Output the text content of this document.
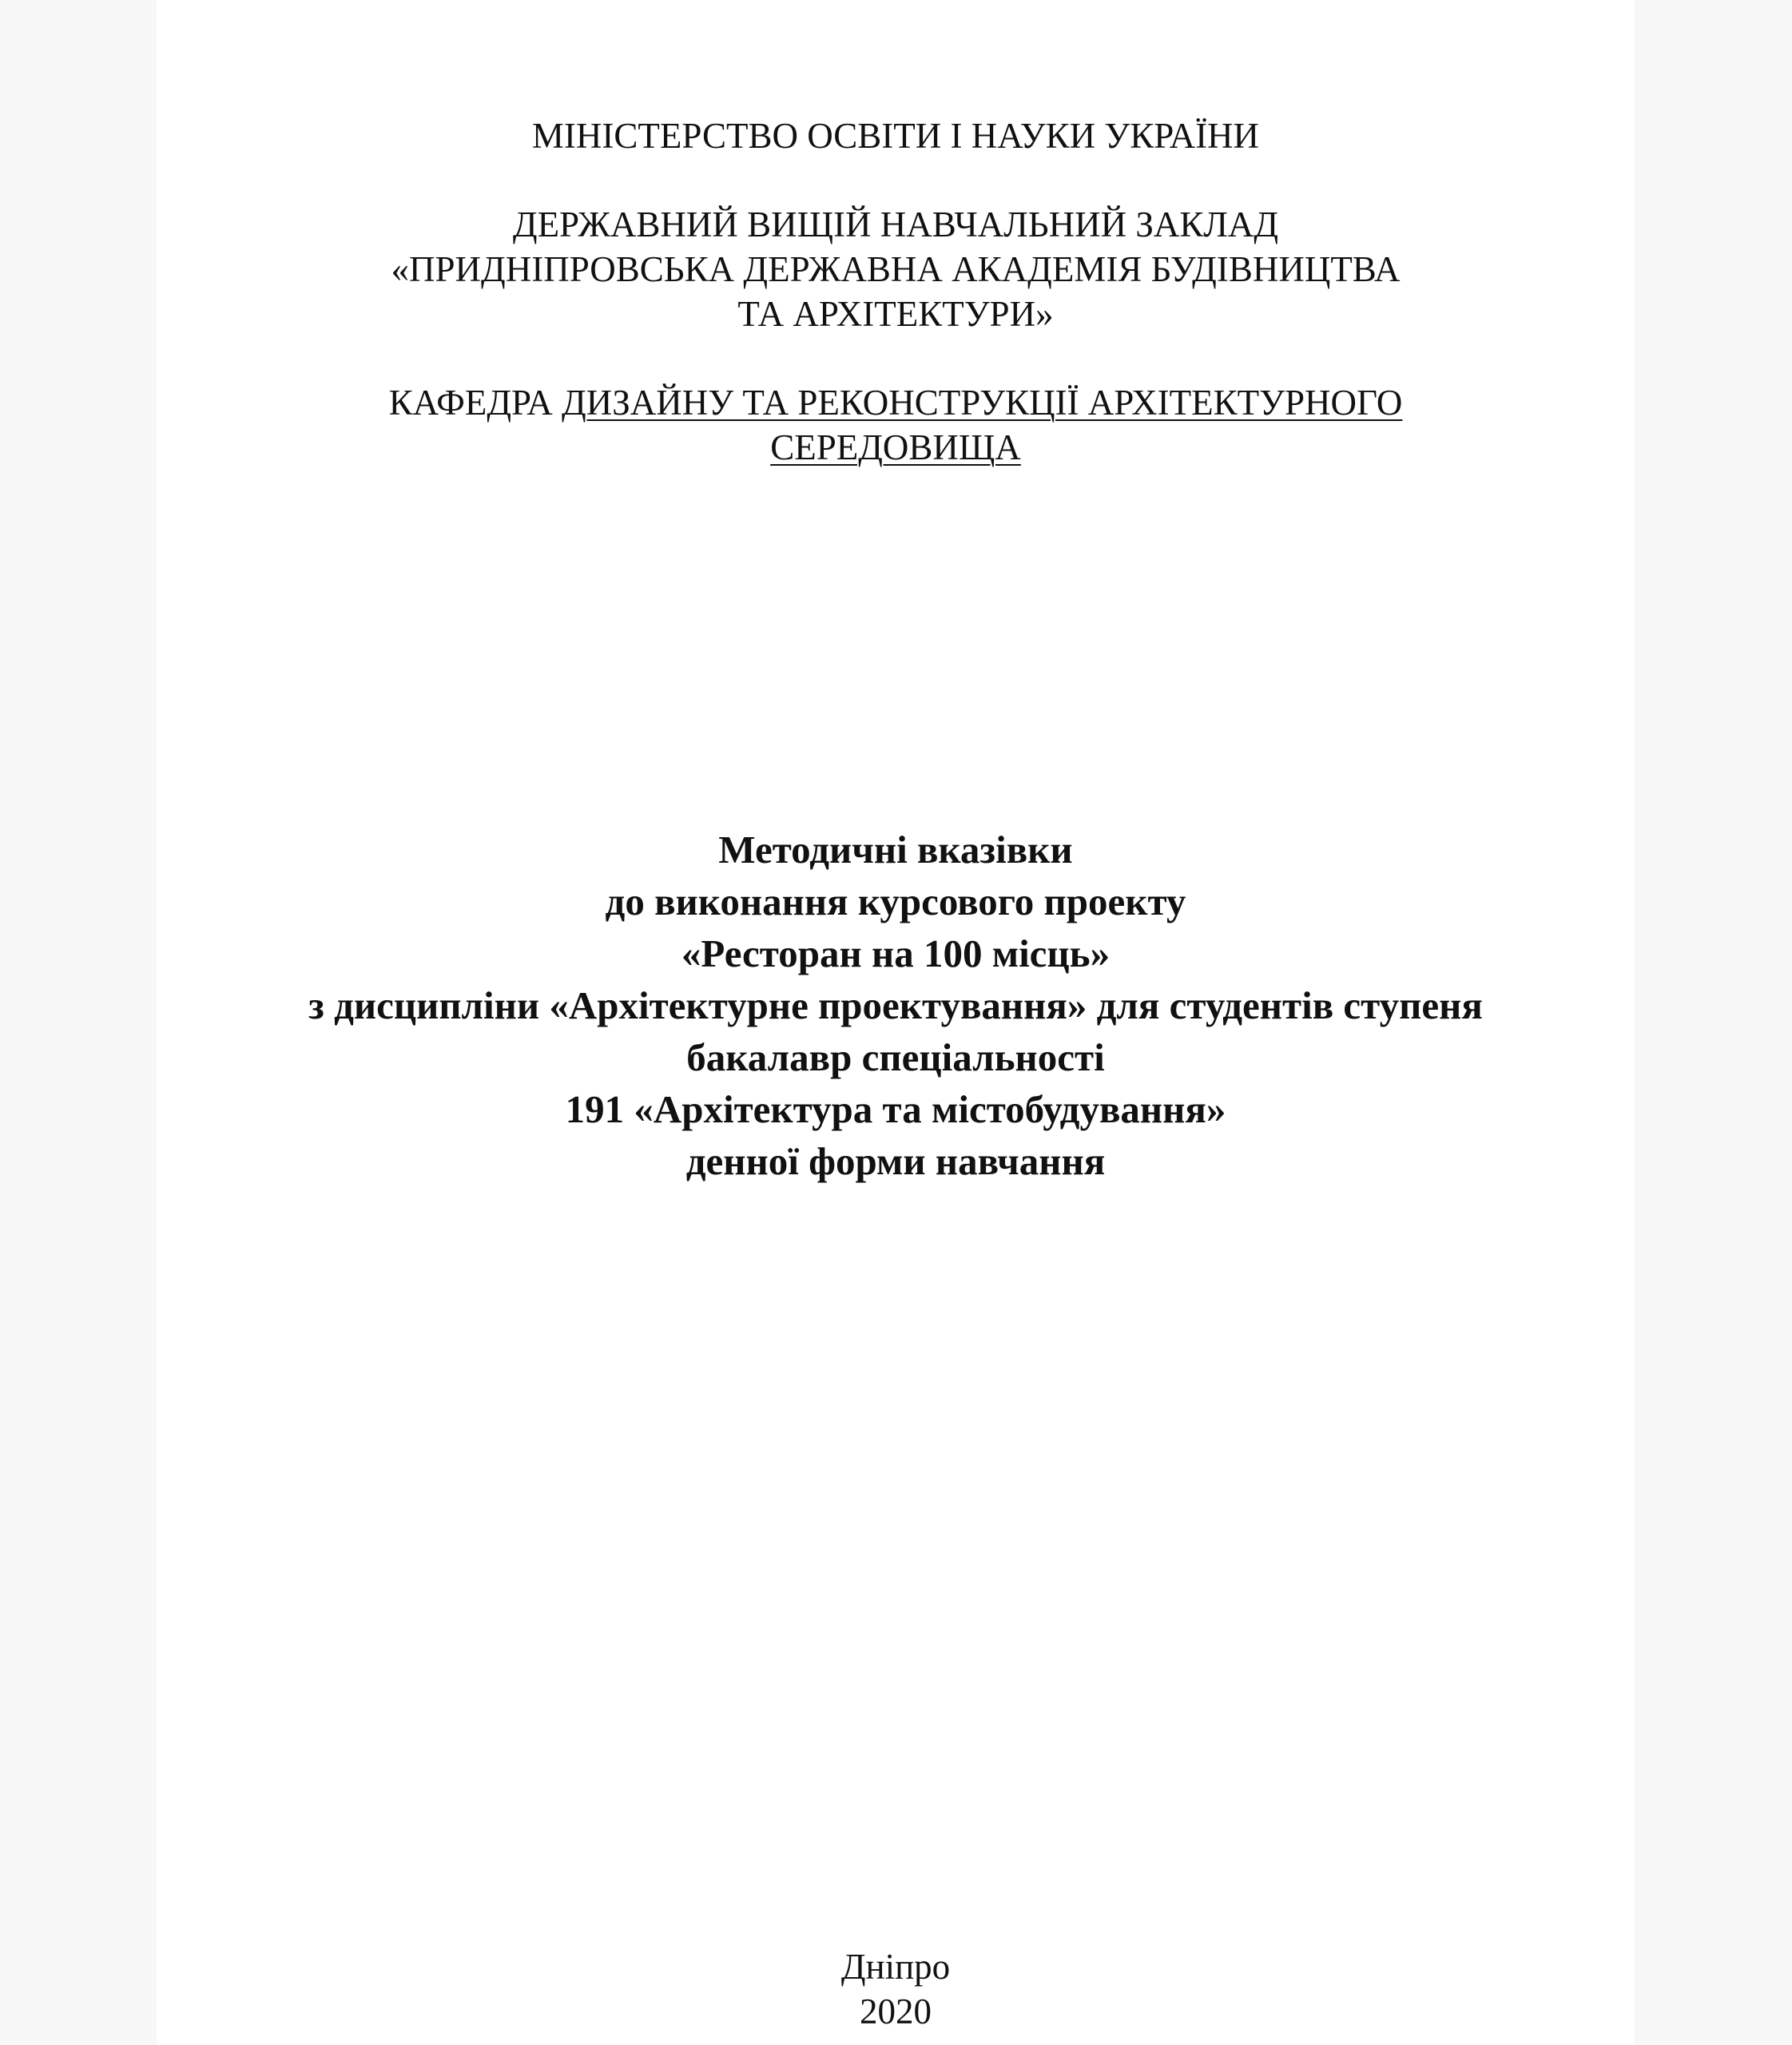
МІНІСТЕРСТВО ОСВІТИ І НАУКИ УКРАЇНИ
ДЕРЖАВНИЙ ВИЩІЙ НАВЧАЛЬНИЙ ЗАКЛАД
«ПРИДНІПРОВСЬКА ДЕРЖАВНА АКАДЕМІЯ БУДІВНИЦТВА
ТА АРХІТЕКТУРИ»
КАФЕДРА ДИЗАЙНУ ТА РЕКОНСТРУКЦІЇ АРХІТЕКТУРНОГО
СЕРЕДОВИЩА
Методичні вказівки
до виконання курсового проекту
«Ресторан на 100 місць»
з дисципліни «Архітектурне проектування» для студентів ступеня
бакалавр спеціальності
191 «Архітектура та містобудування»
денної форми навчання
Дніпро
2020
